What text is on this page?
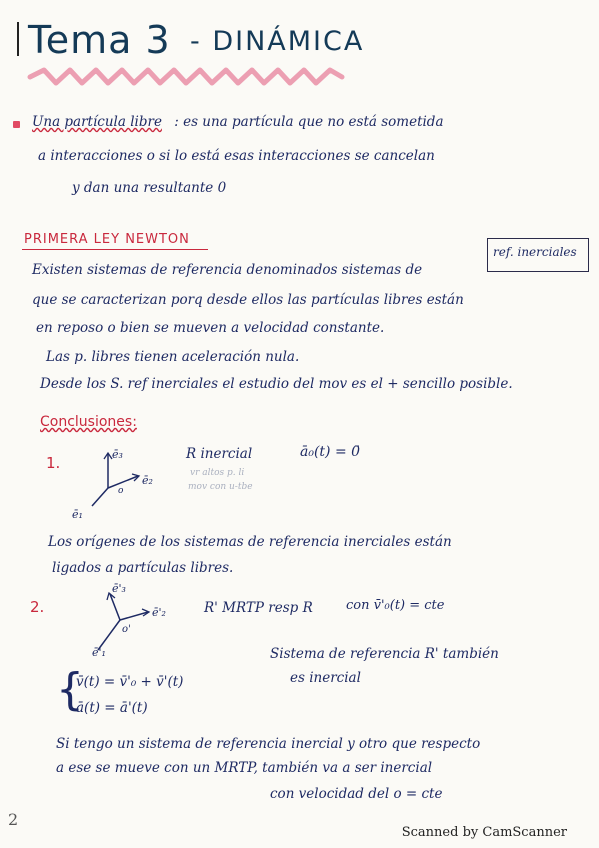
Tema 3 - DINÁMICA
Una partícula libre : es una partícula que no está sometida
a interacciones o si lo está esas interacciones se cancelan
y dan una resultante 0
PRIMERA LEY NEWTON
Existen sistemas de referencia denominados sistemas de
ref. inerciales
que se caracterizan porq desde ellos las partículas libres están
en reposo o bien se mueven a velocidad constante.
Las p. libres tienen aceleración nula.
Desde los S. ref inerciales el estudio del mov es el + sencillo posible.
Conclusiones:
1.	ē₃
ē₂
o
ē₁
R inercial	ā₀(t) = 0̄
vr altos p. li
mov con u-tbe
Los orígenes de los sistemas de referencia inerciales están
ligados a partículas libres.
2.
ē'₃
ē'₂
o'
ē'₁
R' MRTP resp R	con v̄'₀(t) = cte
Sistema de referencia R' también
es inercial
{
v̄(t) = v̄'₀ + v̄'(t)
ā(t) = ā'(t)
Si tengo un sistema de referencia inercial y otro que respecto
a ese se mueve con un MRTP, también va a ser inercial
con velocidad del o = cte
2
Scanned by CamScanner
